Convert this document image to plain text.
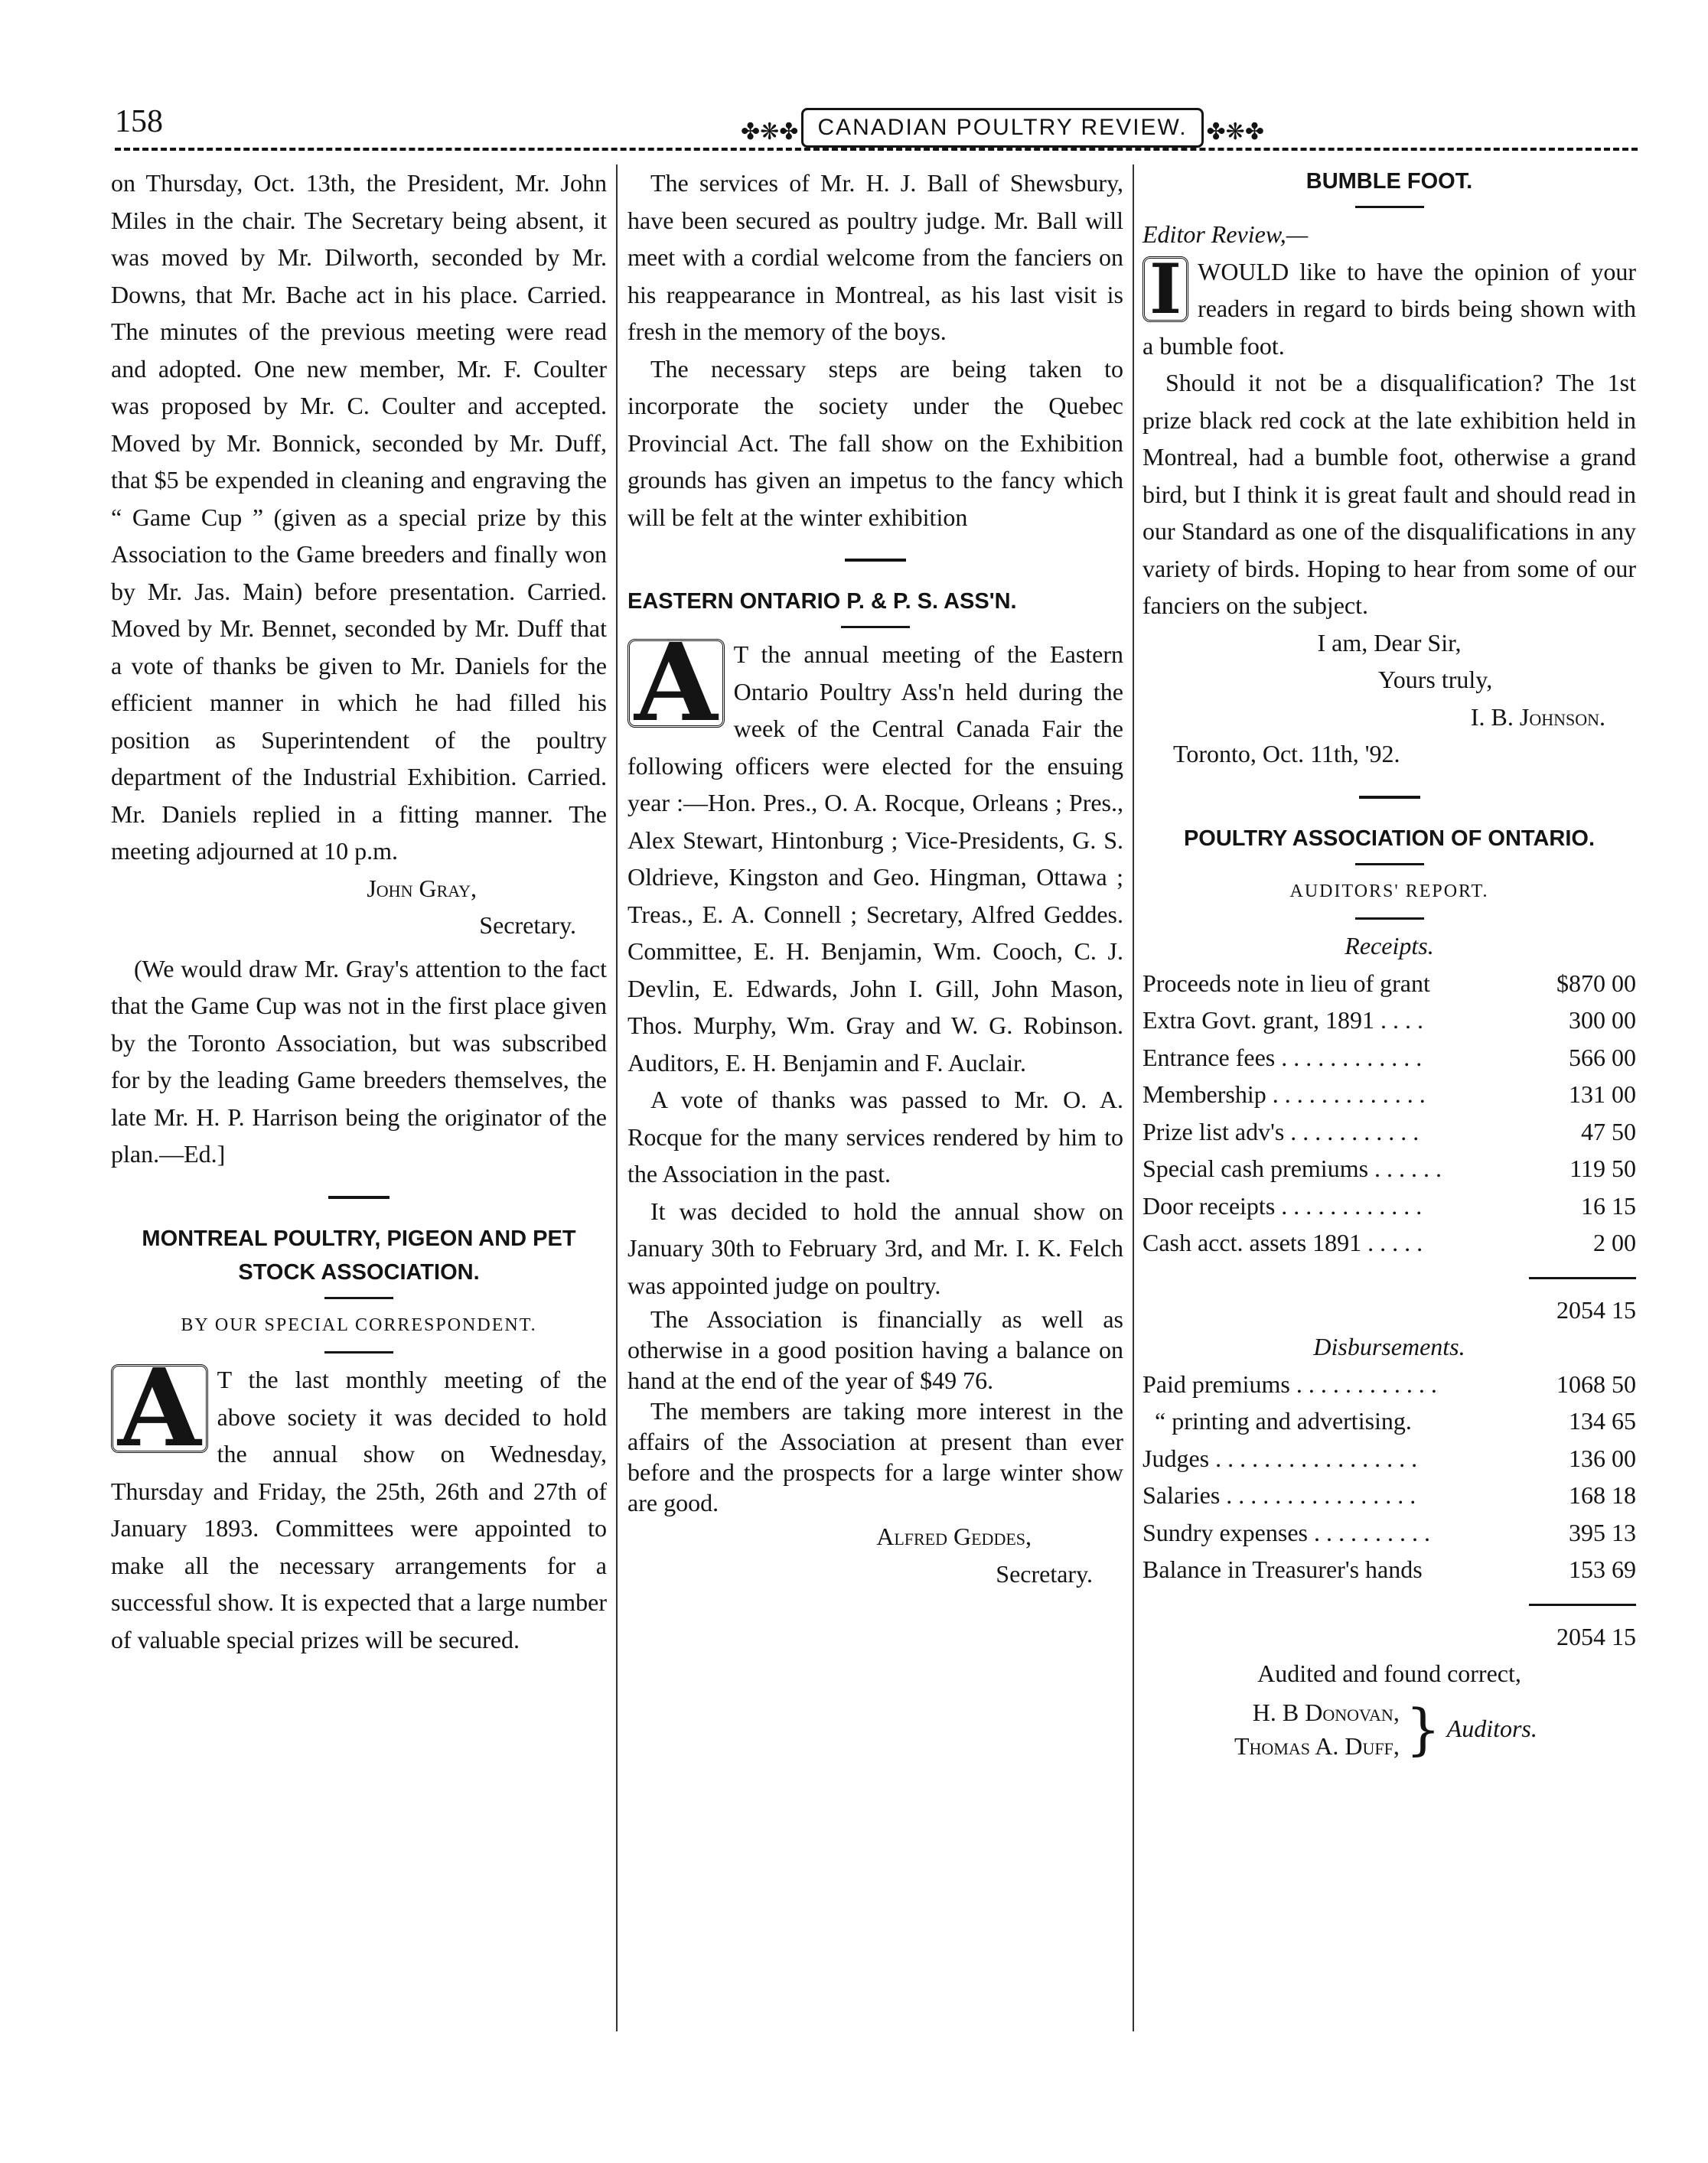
158	✤❋✤ CANADIAN POULTRY REVIEW. ✤❋✤

on Thursday, Oct. 13th, the President, Mr. John Miles in the chair. The Secretary being absent, it was moved by Mr. Dilworth, seconded by Mr. Downs, that Mr. Bache act in his place. Carried. The minutes of the previous meeting were read and adopted. One new member, Mr. F. Coulter was proposed by Mr. C. Coulter and accepted. Moved by Mr. Bonnick, seconded by Mr. Duff, that $5 be expended in cleaning and engraving the “ Game Cup ” (given as a special prize by this Association to the Game breeders and finally won by Mr. Jas. Main) before presentation. Carried. Moved by Mr. Bennet, seconded by Mr. Duff that a vote of thanks be given to Mr. Daniels for the efficient manner in which he had filled his position as Superintendent of the poultry department of the Industrial Exhibition. Carried. Mr. Daniels replied in a fitting manner. The meeting adjourned at 10 p.m.

John Gray,

Secretary.

(We would draw Mr. Gray's attention to the fact that the Game Cup was not in the first place given by the Toronto Association, but was subscribed for by the leading Game breeders themselves, the late Mr. H. P. Harrison being the originator of the plan.—Ed.]

MONTREAL POULTRY, PIGEON AND PET STOCK ASSOCIATION.

BY OUR SPECIAL CORRESPONDENT.

A T the last monthly meeting of the above society it was decided to hold the annual show on Wednesday, Thursday and Friday, the 25th, 26th and 27th of January 1893. Committees were appointed to make all the necessary arrangements for a successful show. It is expected that a large number of valuable special prizes will be secured.

The services of Mr. H. J. Ball of Shewsbury, have been secured as poultry judge. Mr. Ball will meet with a cordial welcome from the fanciers on his reappearance in Montreal, as his last visit is fresh in the memory of the boys.

The necessary steps are being taken to incorporate the society under the Quebec Provincial Act. The fall show on the Exhibition grounds has given an impetus to the fancy which will be felt at the winter exhibition

EASTERN ONTARIO P. & P. S. ASS'N.

A T the annual meeting of the Eastern Ontario Poultry Ass'n held during the week of the Central Canada Fair the following officers were elected for the ensuing year :—Hon. Pres., O. A. Rocque, Orleans ; Pres., Alex Stewart, Hintonburg ; Vice-Presidents, G. S. Oldrieve, Kingston and Geo. Hingman, Ottawa ; Treas., E. A. Connell ; Secretary, Alfred Geddes. Committee, E. H. Benjamin, Wm. Cooch, C. J. Devlin, E. Edwards, John I. Gill, John Mason, Thos. Murphy, Wm. Gray and W. G. Robinson. Auditors, E. H. Benjamin and F. Auclair.

A vote of thanks was passed to Mr. O. A. Rocque for the many services rendered by him to the Association in the past.

It was decided to hold the annual show on January 30th to February 3rd, and Mr. I. K. Felch was appointed judge on poultry.

The Association is financially as well as otherwise in a good position having a balance on hand at the end of the year of $49 76.

The members are taking more interest in the affairs of the Association at present than ever before and the prospects for a large winter show are good.

Alfred Geddes,

Secretary.

BUMBLE FOOT.

Editor Review,—

I WOULD like to have the opinion of your readers in regard to birds being shown with a bumble foot.

Should it not be a disqualification? The 1st prize black red cock at the late exhibition held in Montreal, had a bumble foot, otherwise a grand bird, but I think it is great fault and should read in our Standard as one of the disqualifications in any variety of birds. Hoping to hear from some of our fanciers on the subject.

I am, Dear Sir,

Yours truly,

I. B. Johnson.

Toronto, Oct. 11th, '92.

POULTRY ASSOCIATION OF ONTARIO.

AUDITORS' REPORT.

Receipts.

Proceeds note in lieu of grant	$870 00
Extra Govt. grant, 1891 . . . .	300 00
Entrance fees . . . . . . . . . . . .	566 00
Membership . . . . . . . . . . . . .	131 00
Prize list adv's . . . . . . . . . . .	47 50
Special cash premiums . . . . . .	119 50
Door receipts . . . . . . . . . . . .	16 15
Cash acct. assets 1891 . . . . .	2 00

2054 15

Disbursements.

Paid premiums . . . . . . . . . . . .	1068 50
“ printing and advertising.	134 65
Judges . . . . . . . . . . . . . . . . .	136 00
Salaries . . . . . . . . . . . . . . . .	168 18
Sundry expenses . . . . . . . . . .	395 13
Balance in Treasurer's hands	153 69

2054 15

Audited and found correct,

H. B Donovan,
Thomas A. Duff, } Auditors.
